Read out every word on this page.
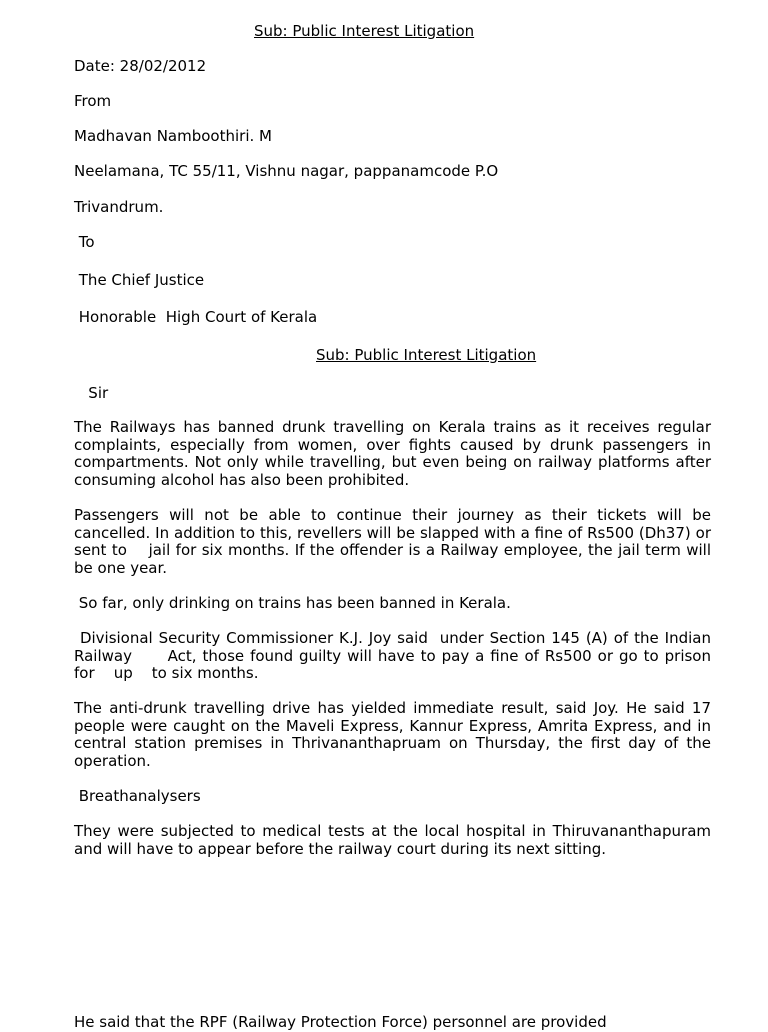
Sub: Public Interest Litigation
Date: 28/02/2012
From
Madhavan Namboothiri. M
Neelamana, TC 55/11, Vishnu nagar, pappanamcode P.O
Trivandrum.
To
The Chief Justice
Honorable  High Court of Kerala
Sub: Public Interest Litigation
Sir
The Railways has banned drunk travelling on Kerala trains as it receives regular complaints, especially from women, over fights caused by drunk passengers in   compartments. Not only while travelling, but even being on railway platforms after consuming alcohol has also been prohibited.
Passengers will not be able to continue their journey as their tickets will be cancelled. In addition to this, revellers will be slapped with a fine of Rs500 (Dh37) or sent to    jail for six months. If the offender is a Railway employee, the jail term will be one year.
So far, only drinking on trains has been banned in Kerala.
Divisional Security Commissioner K.J. Joy said  under Section 145 (A) of the Indian Railway      Act, those found guilty will have to pay a fine of Rs500 or go to prison for    up    to six months.
The anti-drunk travelling drive has yielded immediate result, said Joy. He said 17 people were caught on the Maveli Express, Kannur Express, Amrita Express, and in    central station premises in Thrivananthapruam on Thursday, the first day of the operation.
Breathanalysers
They were subjected to medical tests at the local hospital in Thiruvananthapuram and will have to appear before the railway court during its next sitting.
He said that the RPF (Railway Protection Force) personnel are provided
